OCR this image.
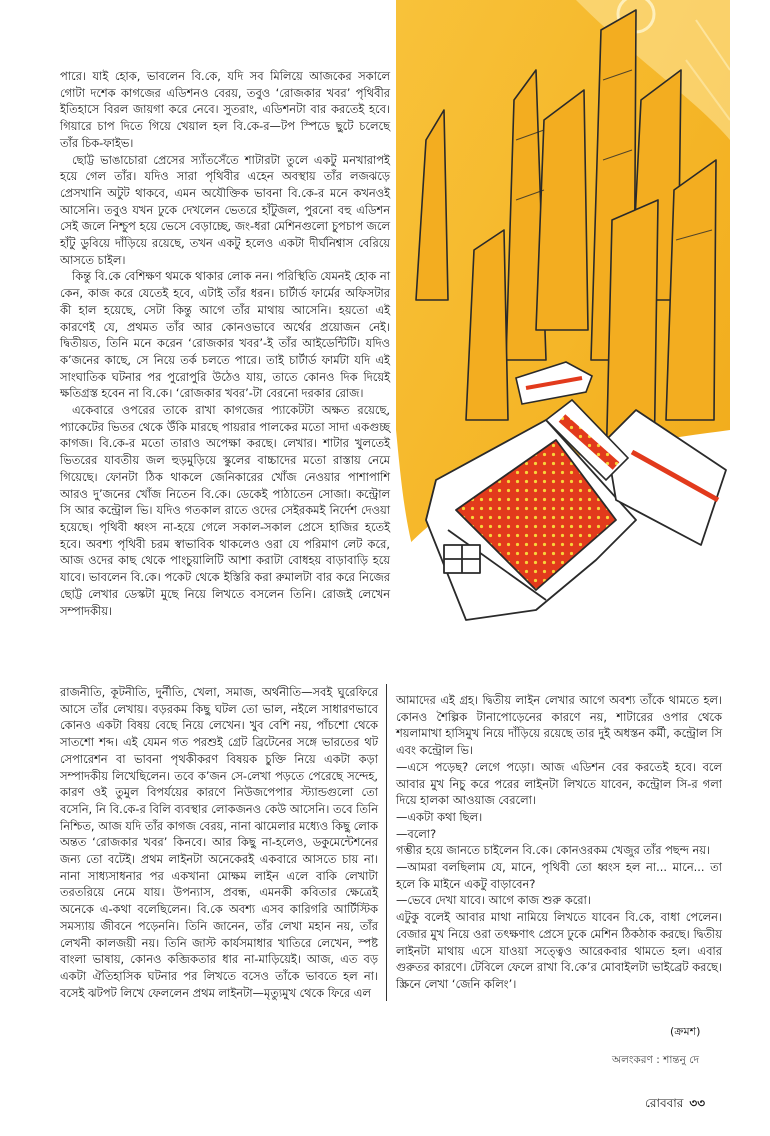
পারে। যাই হোক, ভাবলেন বি.কে, যদি সব মিলিয়ে আজকের সকালে গোটা দশেক কাগজের এডিশনও বেরয়, তবুও ‘রোজকার খবর’ পৃথিবীর ইতিহাসে বিরল জায়গা করে নেবে। সুতরাং, এডিশনটা বার করতেই হবে। গিয়ারে চাপ দিতে গিয়ে খেয়াল হল বি.কে-র—টপ স্পিডে ছুটে চলেছে তাঁর চিক-ফাইভ।

ছোট্ট ভাঙাচোরা প্রেসের স্যাঁতসেঁতে শাটারটা তুলে একটু মনখারাপই হয়ে গেল তাঁর। যদিও সারা পৃথিবীর এহেন অবস্থায় তাঁর লজঝড়ে প্রেসখানি অটুট থাকবে, এমন অযৌক্তিক ভাবনা বি.কে-র মনে কখনওই আসেনি। তবুও যখন ঢুকে দেখলেন ভেতরে হাঁটুজল, পুরনো বহু এডিশন সেই জলে নিশ্চুপ হয়ে ভেসে বেড়াচ্ছে, জং-ধরা মেশিনগুলো চুপচাপ জলে হাঁটু ডুবিয়ে দাঁড়িয়ে রয়েছে, তখন একটু হলেও একটা দীর্ঘনিশ্বাস বেরিয়ে আসতে চাইল।

কিন্তু বি.কে বেশিক্ষণ থমকে থাকার লোক নন। পরিস্থিতি যেমনই হোক না কেন, কাজ করে যেতেই হবে, এটাই তাঁর ধরন। চার্টার্ড ফার্মের অফিসটার কী হাল হয়েছে, সেটা কিন্তু আগে তাঁর মাথায় আসেনি। হয়তো এই কারণেই যে, প্রথমত তাঁর আর কোনওভাবে অর্থের প্রয়োজন নেই। দ্বিতীয়ত, তিনি মনে করেন ‘রোজকার খবর’-ই তাঁর আইডেন্টিটি। যদিও ক’জনের কাছে, সে নিয়ে তর্ক চলতে পারে। তাই চার্টার্ড ফার্মটা যদি এই সাংঘাতিক ঘটনার পর পুরোপুরি উঠেও যায়, তাতে কোনও দিক দিয়েই ক্ষতিগ্রস্ত হবেন না বি.কে। ‘রোজকার খবর’-টা বেরনো দরকার রোজ।

একেবারে ওপরের তাকে রাখা কাগজের প্যাকেটটা অক্ষত রয়েছে, প্যাকেটের ভিতর থেকে উঁকি মারছে পায়রার পালকের মতো সাদা একগুচ্ছ কাগজ। বি.কে-র মতো তারাও অপেক্ষা করছে। লেখার। শাটার খুলতেই ভিতরের যাবতীয় জল হুড়মুড়িয়ে স্কুলের বাচ্চাদের মতো রাস্তায় নেমে গিয়েছে। ফোনটা ঠিক থাকলে জেনিকারের খোঁজ নেওয়ার পাশাপাশি আরও দু’জনের খোঁজ নিতেন বি.কে। ডেকেই পাঠাতেন সোজা। কন্ট্রোল সি আর কন্ট্রোল ভি। যদিও গতকাল রাতে ওদের সেইরকমই নির্দেশ দেওয়া হয়েছে। পৃথিবী ধ্বংস না-হয়ে গেলে সকাল-সকাল প্রেসে হাজির হতেই হবে। অবশ্য পৃথিবী চরম স্বাভাবিক থাকলেও ওরা যে পরিমাণ লেট করে, আজ ওদের কাছ থেকে পাংচুয়ালিটি আশা করাটা বোধহয় বাড়াবাড়ি হয়ে যাবে। ভাবলেন বি.কে। পকেট থেকে ইস্তিরি করা রুমালটা বার করে নিজের ছোট্ট লেখার ডেস্কটা মুছে নিয়ে লিখতে বসলেন তিনি। রোজই লেখেন সম্পাদকীয়।

রাজনীতি, কূটনীতি, দুর্নীতি, খেলা, সমাজ, অর্থনীতি—সবই ঘুরেফিরে আসে তাঁর লেখায়। বড়রকম কিছু ঘটল তো ভাল, নইলে সাধারণভাবে কোনও একটা বিষয় বেছে নিয়ে লেখেন। খুব বেশি নয়, পাঁচশো থেকে সাতশো শব্দ। এই যেমন গত পরশুই গ্রেট ব্রিটেনের সঙ্গে ভারতের থট সেপারেশন বা ভাবনা পৃথকীকরণ বিষয়ক চুক্তি নিয়ে একটা কড়া সম্পাদকীয় লিখেছিলেন। তবে ক’জন সে-লেখা পড়তে পেরেছে সন্দেহ, কারণ ওই তুমুল বিপর্যয়ের কারণে নিউজপেপার স্ট্যান্ডগুলো তো বসেনি, নি বি.কে-র বিলি ব্যবস্থার লোকজনও কেউ আসেনি। তবে তিনি নিশ্চিত, আজ যদি তাঁর কাগজ বেরয়, নানা ঝামেলার মধ্যেও কিছু লোক অন্তত ‘রোজকার খবর’ কিনবে। আর কিছু না-হলেও, ডকুমেন্টেশনের জন্য তো বটেই। প্রথম লাইনটা অনেকেরই একবারে আসতে চায় না। নানা সাধ্যসাধনার পর একখানা মোক্ষম লাইন এলে বাকি লেখাটা তরতরিয়ে নেমে যায়। উপন্যাস, প্রবন্ধ, এমনকী কবিতার ক্ষেত্রেই অনেকে এ-কথা বলেছিলেন। বি.কে অবশ্য এসব কারিগরি আর্টিস্টিক সমস্যায় জীবনে পড়েননি। তিনি জানেন, তাঁর লেখা মহান নয়, তাঁর লেখনী কালজয়ী নয়। তিনি জাস্ট কার্যসমাধার খাতিরে লেখেন, স্পষ্ট বাংলা ভাষায়, কোনও কব্জিকতার ধার না-মাড়িয়েই। আজ, এত বড় একটা ঐতিহাসিক ঘটনার পর লিখতে বসেও তাঁকে ভাবতে হল না। বসেই ঝটপট লিখে ফেললেন প্রথম লাইনটা—মৃত্যুমুখ থেকে ফিরে এল

আমাদের এই গ্রহ। দ্বিতীয় লাইন লেখার আগে অবশ্য তাঁকে থামতে হল। কোনও শৈল্পিক টানাপোড়েনের কারণে নয়, শাটারের ওপার থেকে শয়লামাখা হাসিমুখ নিয়ে দাঁড়িয়ে রয়েছে তার দুই অধস্তন কর্মী, কন্ট্রোল সি এবং কন্ট্রোল ভি।

—এসে পড়েছ? লেগে পড়ো। আজ এডিশন বের করতেই হবে। বলে আবার মুখ নিচু করে পরের লাইনটা লিখতে যাবেন, কন্ট্রোল সি-র গলা দিয়ে হালকা আওয়াজ বেরলো।

—একটা কথা ছিল।

—বলো?

গম্ভীর হয়ে জানতে চাইলেন বি.কে। কোনওরকম খেজুর তাঁর পছন্দ নয়।

—আমরা বলছিলাম যে, মানে, পৃথিবী তো ধ্বংস হল না... মানে... তা হলে কি মাইনে একটু বাড়াবেন?

—ভেবে দেখা যাবে। আগে কাজ শুরু করো।

এটুকু বলেই আবার মাথা নামিয়ে লিখতে যাবেন বি.কে, বাধা পেলেন। বেজার মুখ নিয়ে ওরা তৎক্ষণাৎ প্রেসে ঢুকে মেশিন ঠিকঠাক করছে। দ্বিতীয় লাইনটা মাথায় এসে যাওয়া সত্ত্বেও আরেকবার থামতে হল। এবার গুরুতর কারণে। টেবিলে ফেলে রাখা বি.কে’র মোবাইলটা ভাইব্রেট করছে। স্ক্রিনে লেখা ‘জেনি কলিং’।

(ক্রমশ)
অলংকরণ : শান্তনু দে
রোববার ৩৩
